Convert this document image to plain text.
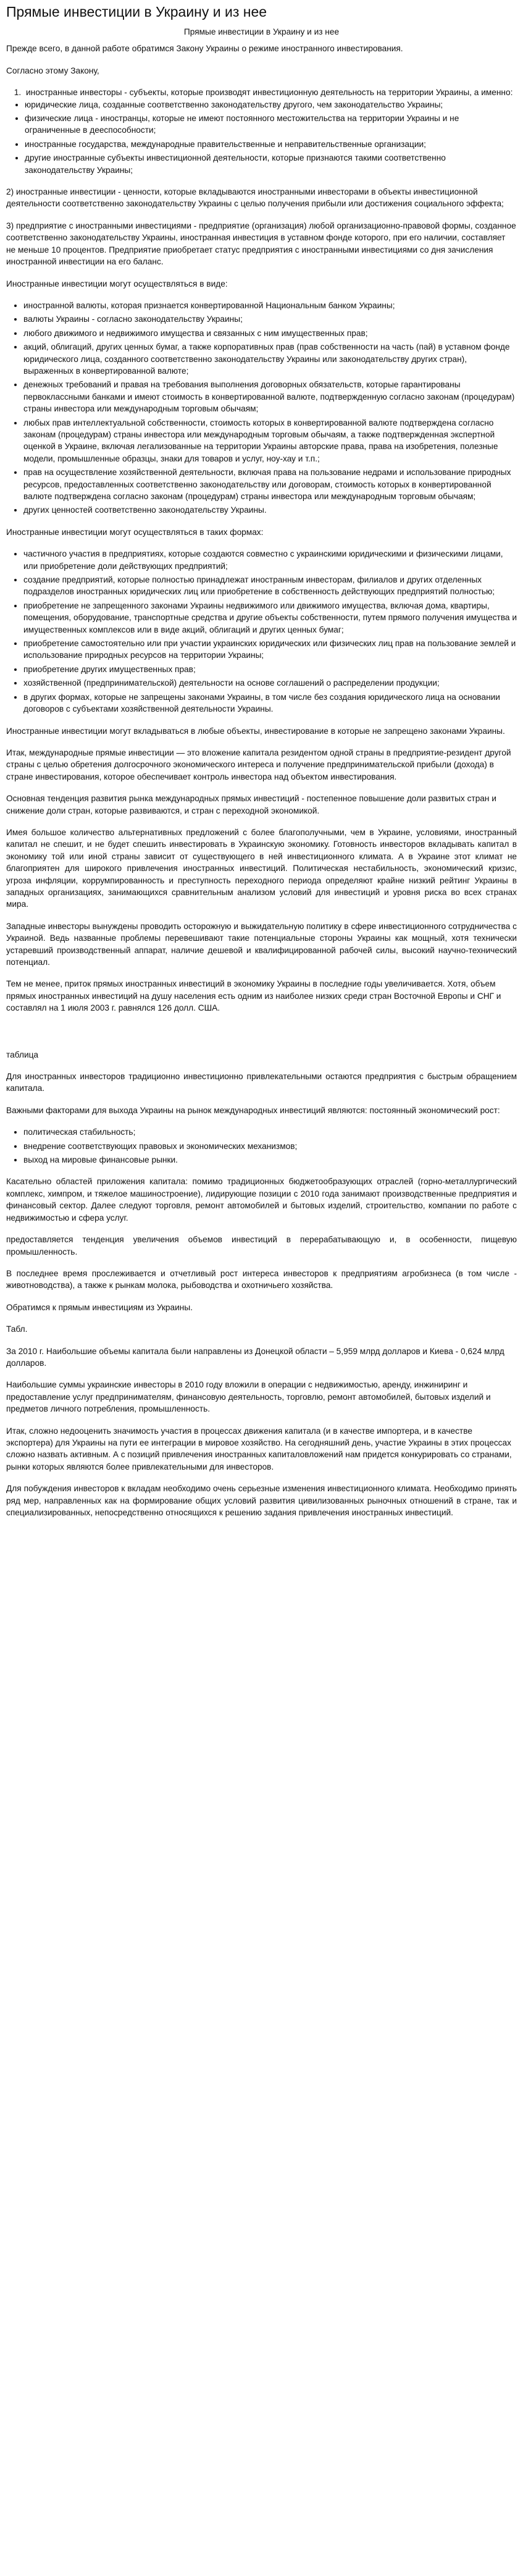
Прямые инвестиции в Украину и из нее

Прямые инвестиции в Украину и из нее

Прежде всего, в данной работе обратимся Закону Украины о режиме иностранного инвестирования.

Согласно этому Закону,

1. иностранные инвесторы - субъекты, которые производят инвестиционную деятельность на территории Украины, а именно:
• юридические лица, созданные соответственно законодательству другого, чем законодательство Украины;
• физические лица - иностранцы, которые не имеют постоянного местожительства на территории Украины и не ограниченные в дееспособности;
• иностранные государства, международные правительственные и неправительственные организации;
• другие иностранные субъекты инвестиционной деятельности, которые признаются такими соответственно законодательству Украины;

2) иностранные инвестиции - ценности, которые вкладываются иностранными инвесторами в объекты инвестиционной деятельности соответственно законодательству Украины с целью получения прибыли или достижения социального эффекта;

3) предприятие с иностранными инвестициями - предприятие (организация) любой организационно-правовой формы, созданное соответственно законодательству Украины, иностранная инвестиция в уставном фонде которого, при его наличии, составляет не меньше 10 процентов. Предприятие приобретает статус предприятия с иностранными инвестициями со дня зачисления иностранной инвестиции на его баланс.

Иностранные инвестиции могут осуществляться в виде:

• иностранной валюты, которая признается конвертированной Национальным банком Украины;
• валюты Украины - согласно законодательству Украины;
• любого движимого и недвижимого имущества и связанных с ним имущественных прав;
• акций, облигаций, других ценных бумаг, а также корпоративных прав (прав собственности на часть (пай) в уставном фонде юридического лица, созданного соответственно законодательству Украины или законодательству других стран), выраженных в конвертированной валюте;
• денежных требований и правая на требования выполнения договорных обязательств, которые гарантированы первоклассными банками и имеют стоимость в конвертированной валюте, подтвержденную согласно законам (процедурам) страны инвестора или международным торговым обычаям;
• любых прав интеллектуальной собственности, стоимость которых в конвертированной валюте подтверждена согласно законам (процедурам) страны инвестора или международным торговым обычаям, а также подтвержденная экспертной оценкой в Украине, включая легализованные на территории Украины авторские права, права на изобретения, полезные модели, промышленные образцы, знаки для товаров и услуг, ноу-хау и т.п.;
• прав на осуществление хозяйственной деятельности, включая права на пользование недрами и использование природных ресурсов, предоставленных соответственно законодательству или договорам, стоимость которых в конвертированной валюте подтверждена согласно законам (процедурам) страны инвестора или международным торговым обычаям;
• других ценностей соответственно законодательству Украины.

Иностранные инвестиции могут осуществляться в таких формах:

• частичного участия в предприятиях, которые создаются совместно с украинскими юридическими и физическими лицами, или приобретение доли действующих предприятий;
• создание предприятий, которые полностью принадлежат иностранным инвесторам, филиалов и других отделенных подразделов иностранных юридических лиц или приобретение в собственность действующих предприятий полностью;
• приобретение не запрещенного законами Украины недвижимого или движимого имущества, включая дома, квартиры, помещения, оборудование, транспортные средства и другие объекты собственности, путем прямого получения имущества и имущественных комплексов или в виде акций, облигаций и других ценных бумаг;
• приобретение самостоятельно или при участии украинских юридических или физических лиц прав на пользование землей и использование природных ресурсов на территории Украины;
• приобретение других имущественных прав;
• хозяйственной (предпринимательской) деятельности на основе соглашений о распределении продукции;
• в других формах, которые не запрещены законами Украины, в том числе без создания юридического лица на основании договоров с субъектами хозяйственной деятельности Украины.

Иностранные инвестиции могут вкладываться в любые объекты, инвестирование в которые не запрещено законами Украины.

Итак, международные прямые инвестиции — это вложение капитала резидентом одной страны в предприятие-резидент другой страны с целью обретения долгосрочного экономического интереса и получение предпринимательской прибыли (дохода) в стране инвестирования, которое обеспечивает контроль инвестора над объектом инвестирования.

Основная тенденция развития рынка международных прямых инвестиций - постепенное повышение доли развитых стран и снижение доли стран, которые развиваются, и стран с переходной экономикой.

Имея большое количество альтернативных предложений с более благополучными, чем в Украине, условиями, иностранный капитал не спешит, и не будет спешить инвестировать в Украинскую экономику. Готовность инвесторов вкладывать капитал в экономику той или иной страны зависит от существующего в ней инвестиционного климата. А в Украине этот климат не благоприятен для широкого привлечения иностранных инвестиций. Политическая нестабильность, экономический кризис, угроза инфляции, коррумпированность и преступность переходного периода определяют крайне низкий рейтинг Украины в западных организациях, занимающихся сравнительным анализом условий для инвестиций и уровня риска во всех странах мира.

Западные инвесторы вынуждены проводить осторожную и выжидательную политику в сфере инвестиционного сотрудничества с Украиной. Ведь названные проблемы перевешивают такие потенциальные стороны Украины как мощный, хотя технически устаревший производственный аппарат, наличие дешевой и квалифицированной рабочей силы, высокий научно-технический потенциал.

Тем не менее, приток прямых иностранных инвестиций в экономику Украины в последние годы увеличивается. Хотя, объем прямых иностранных инвестиций на душу населения есть одним из наиболее низких среди стран Восточной Европы и СНГ и составлял на 1 июля 2003 г. равнялся 126 долл. США.

таблица

Для иностранных инвесторов традиционно инвестиционно привлекательными остаются предприятия с быстрым обращением капитала.

Важными факторами для выхода Украины на рынок международных инвестиций являются: постоянный экономический рост:

• политическая стабильность;
• внедрение соответствующих правовых и экономических механизмов;
• выход на мировые финансовые рынки.

Касательно областей приложения капитала: помимо традиционных бюджетообразующих отраслей (горно-металлургический комплекс, химпром, и тяжелое машиностроение), лидирующие позиции с 2010 года занимают производственные предприятия и финансовый сектор. Далее следуют торговля, ремонт автомобилей и бытовых изделий, строительство, компании по работе с недвижимостью и сфера услуг.

предоставляется тенденция увеличения объемов инвестиций в перерабатывающую и, в особенности, пищевую промышленность.

В последнее время прослеживается и отчетливый рост интереса инвесторов к предприятиям агробизнеса (в том числе - животноводства), а также к рынкам молока, рыбоводства и охотничьего хозяйства.

Обратимся к прямым инвестициям из Украины.

Табл.

За 2010 г. Наибольшие объемы капитала были направлены из Донецкой области – 5,959 млрд долларов и Киева - 0,624 млрд долларов.

Наибольшие суммы украинские инвесторы в 2010 году вложили в операции с недвижимостью, аренду, инжиниринг и предоставление услуг предпринимателям, финансовую деятельность, торговлю, ремонт автомобилей, бытовых изделий и предметов личного потребления, промышленность.

Итак, сложно недооценить значимость участия в процессах движения капитала (и в качестве импортера, и в качестве экспортера) для Украины на пути ее интеграции в мировое хозяйство. На сегодняшний день, участие Украины в этих процессах сложно назвать активным. А с позиций привлечения иностранных капиталовложений нам придется конкурировать со странами, рынки которых являются более привлекательными для инвесторов.

Для побуждения инвесторов к вкладам необходимо очень серьезные изменения инвестиционного климата. Необходимо принять ряд мер, направленных как на формирование общих условий развития цивилизованных рыночных отношений в стране, так и специализированных, непосредственно относящихся к решению задания привлечения иностранных инвестиций.
